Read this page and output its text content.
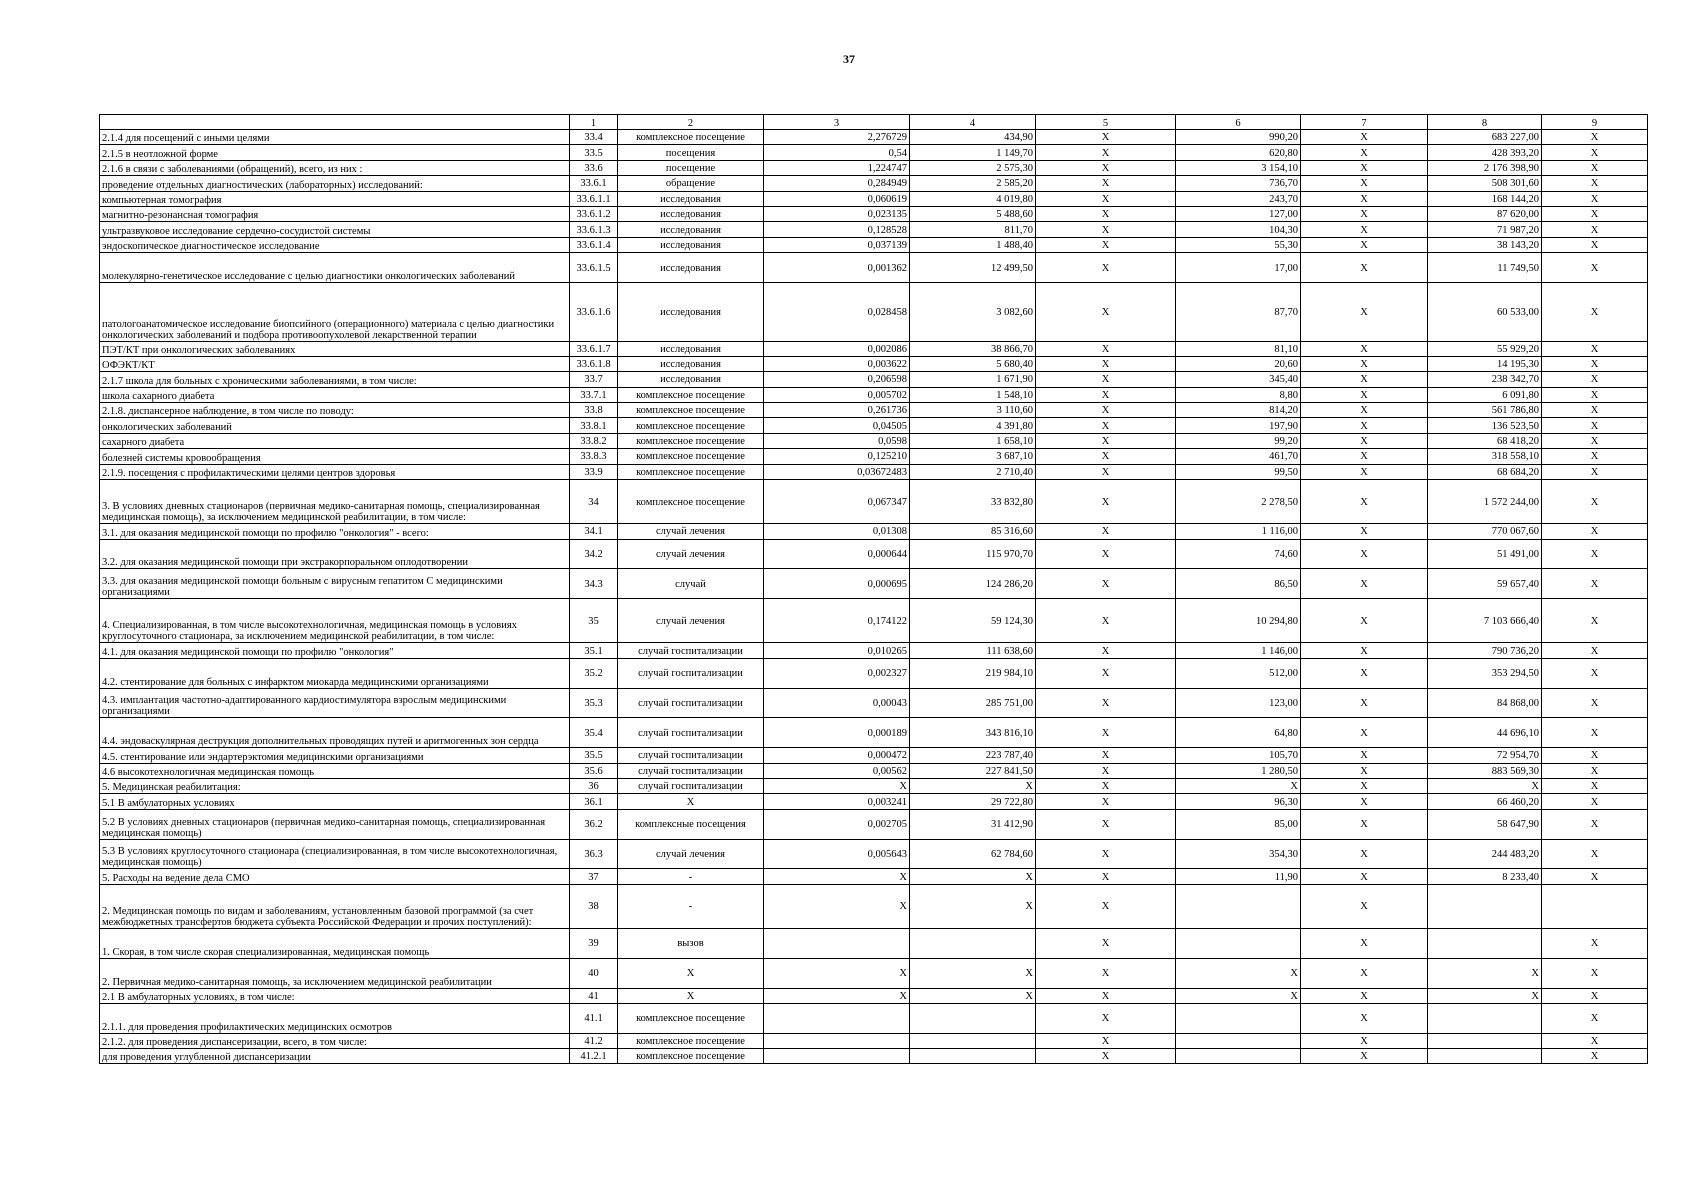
37
	1	2	3	4	5	6	7	8	9
2.1.4 для посещений с иными целями	33.4	комплексное посещение	2,276729	434,90	X	990,20	X	683 227,00	X
2.1.5 в неотложной форме	33.5	посещения	0,54	1 149,70	X	620,80	X	428 393,20	X
2.1.6 в связи с заболеваниями (обращений), всего, из них :	33.6	посещение	1,224747	2 575,30	X	3 154,10	X	2 176 398,90	X
проведение отдельных диагностических (лабораторных) исследований:	33.6.1	обращение	0,284949	2 585,20	X	736,70	X	508 301,60	X
компьютерная томография	33.6.1.1	исследования	0,060619	4 019,80	X	243,70	X	168 144,20	X
магнитно-резонансная томография	33.6.1.2	исследования	0,023135	5 488,60	X	127,00	X	87 620,00	X
ультразвуковое исследование сердечно-сосудистой системы	33.6.1.3	исследования	0,128528	811,70	X	104,30	X	71 987,20	X
эндоскопическое диагностическое исследование	33.6.1.4	исследования	0,037139	1 488,40	X	55,30	X	38 143,20	X
молекулярно-генетическое исследование с целью диагностики онкологических заболеваний	33.6.1.5	исследования	0,001362	12 499,50	X	17,00	X	11 749,50	X
патологоанатомическое исследование биопсийного (операционного) материала с целью диагностики онкологических заболеваний и подбора противоопухолевой лекарственной терапии	33.6.1.6	исследования	0,028458	3 082,60	X	87,70	X	60 533,00	X
ПЭТ/КТ при онкологических заболеваниях	33.6.1.7	исследования	0,002086	38 866,70	X	81,10	X	55 929,20	X
ОФЭКТ/КТ	33.6.1.8	исследования	0,003622	5 680,40	X	20,60	X	14 195,30	X
2.1.7 школа для больных с хроническими заболеваниями, в том числе:	33.7	исследования	0,206598	1 671,90	X	345,40	X	238 342,70	X
школа сахарного диабета	33.7.1	комплексное посещение	0,005702	1 548,10	X	8,80	X	6 091,80	X
2.1.8. диспансерное наблюдение, в том числе по поводу:	33.8	комплексное посещение	0,261736	3 110,60	X	814,20	X	561 786,80	X
онкологических заболеваний	33.8.1	комплексное посещение	0,04505	4 391,80	X	197,90	X	136 523,50	X
сахарного диабета	33.8.2	комплексное посещение	0,0598	1 658,10	X	99,20	X	68 418,20	X
болезней системы кровообращения	33.8.3	комплексное посещение	0,125210	3 687,10	X	461,70	X	318 558,10	X
2.1.9. посещения с профилактическими целями центров здоровья	33.9	комплексное посещение	0,03672483	2 710,40	X	99,50	X	68 684,20	X
3. В условиях дневных стационаров (первичная медико-санитарная помощь, специализированная медицинская помощь), за исключением медицинской реабилитации, в том числе:	34	комплексное посещение	0,067347	33 832,80	X	2 278,50	X	1 572 244,00	X
3.1. для оказания медицинской помощи по профилю "онкология" - всего:	34.1	случай лечения	0,01308	85 316,60	X	1 116,00	X	770 067,60	X
3.2. для оказания медицинской помощи при экстракорпоральном оплодотворении	34.2	случай лечения	0,000644	115 970,70	X	74,60	X	51 491,00	X
3.3. для оказания медицинской помощи больным с вирусным гепатитом С медицинскими организациями	34.3	случай	0,000695	124 286,20	X	86,50	X	59 657,40	X
4. Специализированная, в том числе высокотехнологичная, медицинская помощь в условиях круглосуточного стационара, за исключением медицинской реабилитации, в том числе:	35	случай лечения	0,174122	59 124,30	X	10 294,80	X	7 103 666,40	X
4.1. для оказания медицинской помощи по профилю "онкология"	35.1	случай госпитализации	0,010265	111 638,60	X	1 146,00	X	790 736,20	X
4.2. стентирование для больных с инфарктом миокарда медицинскими организациями	35.2	случай госпитализации	0,002327	219 984,10	X	512,00	X	353 294,50	X
4.3. имплантация частотно-адаптированного кардиостимулятора взрослым медицинскими организациями	35.3	случай госпитализации	0,00043	285 751,00	X	123,00	X	84 868,00	X
4.4. эндоваскулярная деструкция дополнительных проводящих путей и аритмогенных зон сердца	35.4	случай госпитализации	0,000189	343 816,10	X	64,80	X	44 696,10	X
4.5. стентирование или эндартерэктомия медицинскими организациями	35.5	случай госпитализации	0,000472	223 787,40	X	105,70	X	72 954,70	X
4.6 высокотехнологичная медицинская помощь	35.6	случай госпитализации	0,00562	227 841,50	X	1 280,50	X	883 569,30	X
5. Медицинская реабилитация:	36	случай госпитализации	X	X	X	X	X	X	X
5.1 В амбулаторных условиях	36.1	X	0,003241	29 722,80	X	96,30	X	66 460,20	X
5.2 В условиях дневных стационаров (первичная медико-санитарная помощь, специализированная медицинская помощь)	36.2	комплексные посещения	0,002705	31 412,90	X	85,00	X	58 647,90	X
5.3 В условиях круглосуточного стационара (специализированная, в том числе высокотехнологичная, медицинская помощь)	36.3	случай лечения	0,005643	62 784,60	X	354,30	X	244 483,20	X
5. Расходы на ведение дела СМО	37	-	X	X	X	11,90	X	8 233,40	X
2. Медицинская помощь по видам и заболеваниям, установленным базовой программой (за счет межбюджетных трансфертов бюджета субъекта Российской Федерации и прочих поступлений):	38	-	X	X	X		X		
1. Скорая, в том числе скорая специализированная, медицинская помощь	39	вызов			X		X		X
2. Первичная медико-санитарная помощь, за исключением медицинской реабилитации	40	X	X	X	X	X	X	X	X
2.1 В амбулаторных условиях, в том числе:	41	X	X	X	X	X	X	X	X
2.1.1. для проведения профилактических медицинских осмотров	41.1	комплексное посещение			X		X		X
2.1.2. для проведения диспансеризации, всего, в том числе:	41.2	комплексное посещение			X		X		X
для проведения углубленной диспансеризации	41.2.1	комплексное посещение			X		X		X
